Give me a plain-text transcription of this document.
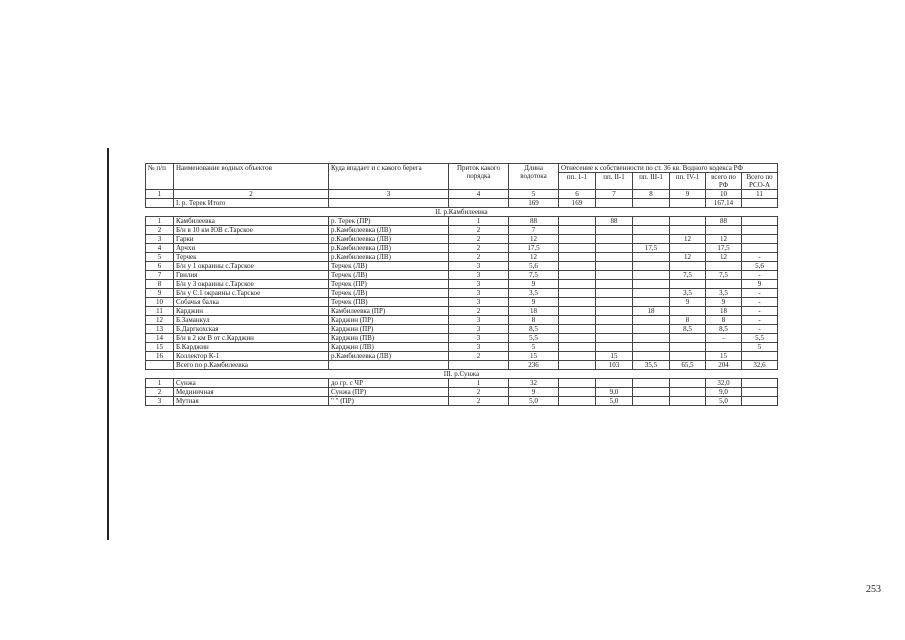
№ п/п	Наименование водных объектов	Куда впадает и с какого берега	Приток какого порядка	Длина водотока	Отнесение к собственности по ст. 36 кв. Водного кодекса РФ					
					пп. 1-1	пп. II-1	пп. III-1	пп. IV-1	всего по РФ	Всего по РСО-А

1	2	3	4	5	6	7	8	9	10	11
	I. р. Терек Итого			169	169				167.14	
II. р.Камбилеевка										
1	Камбилеевка	р. Терек (ПР)	1	88		88			88	
2	Б/н в 10 км ЮВ с.Тарское	р.Камбилеевка (ЛВ)	2	7						
3	Гарки	р.Камбилеевка (ЛВ)	2	12				12	12	
4	Арчхи	р.Камбилеевка (ЛВ)	2	17,5			17,5		17,5	
5	Терчек	р.Камбилеевка (ЛВ)	2	12				12	12	-
6	Б/н у 1 окраины с.Тарское	Терчек (ЛВ)	3	5,6						5,6
7	Гвилия	Терчек (ЛВ)	3	7,5				7,5	7,5	-
8	Б/н у 3 окраины с.Тарское	Терчек (ПР)	3	9						9
9	Б/н у С.1 окраины с.Тарское	Терчек (ЛВ)	3	3,5				3,5	3,5	-
10	Собачья балка	Терчек (ПВ)	3	9				9	9	-
11	Карджин	Камбилеевка (ПР)	2	18			18		18	-
12	Б.Заманкул	Карджин (ПР)	3	8				8	8	-
13	Б.Даргкохская	Карджин (ПР)	3	8,5				8,5	8,5	-
14	Б/н в 2 км В от с.Карджин	Карджин (ПВ)	3	5,5					-	5,5
15	Б.Карджин	Карджин (ЛВ)	3	5						5
16	Коллектор К-1	р.Камбилеевка (ЛВ)	2	15		15			15	
	Всего по р.Камбилеевка			236		103	35,5	65,5	204	32,6
III. р.Сунжа										
1	Сунжа	до гр. с ЧР	1	32					32,0	
2	Мединичная	Сунжа (ПР)	2	9		9,0			9,0	
3	Мутная	" " (ПР)	2	5,0		5,0			5,0	
253
